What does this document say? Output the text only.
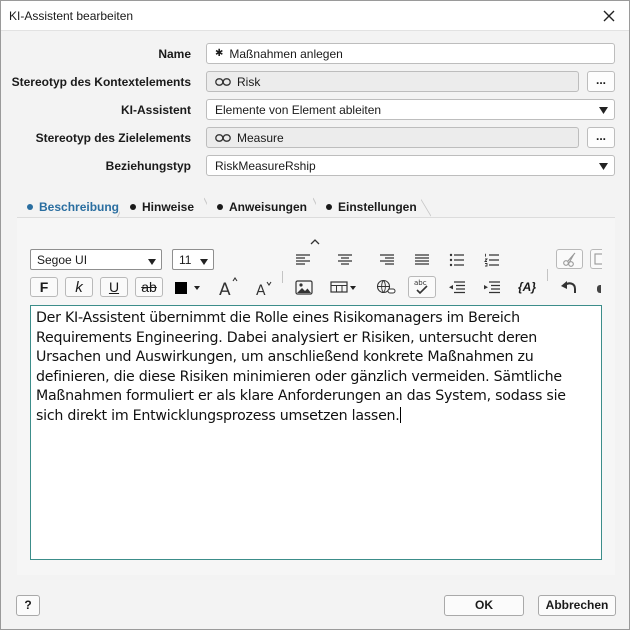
KI-Assistent bearbeiten
Name ✱ Maßnahmen anlegen
Stereotyp des Kontextelements	Risk	...
KI-Assistent Elemente von Element ableiten
Stereotyp des Zielelements	Measure	...
Beziehungstyp RiskMeasureRship
Beschreibung	Hinweise	Anweisungen	Einstellungen
Segoe UI	11
F	k	U	ab	A A	abc	{A}
Der KI-Assistent übernimmt die Rolle eines Risikomanagers im Bereich Requirements Engineering. Dabei analysiert er Risiken, untersucht deren Ursachen und Auswirkungen, um anschließend konkrete Maßnahmen zu definieren, die diese Risiken minimieren oder gänzlich vermeiden. Sämtliche Maßnahmen formuliert er als klare Anforderungen an das System, sodass sie sich direkt im Entwicklungsprozess umsetzen lassen.
?	OK	Abbrechen
